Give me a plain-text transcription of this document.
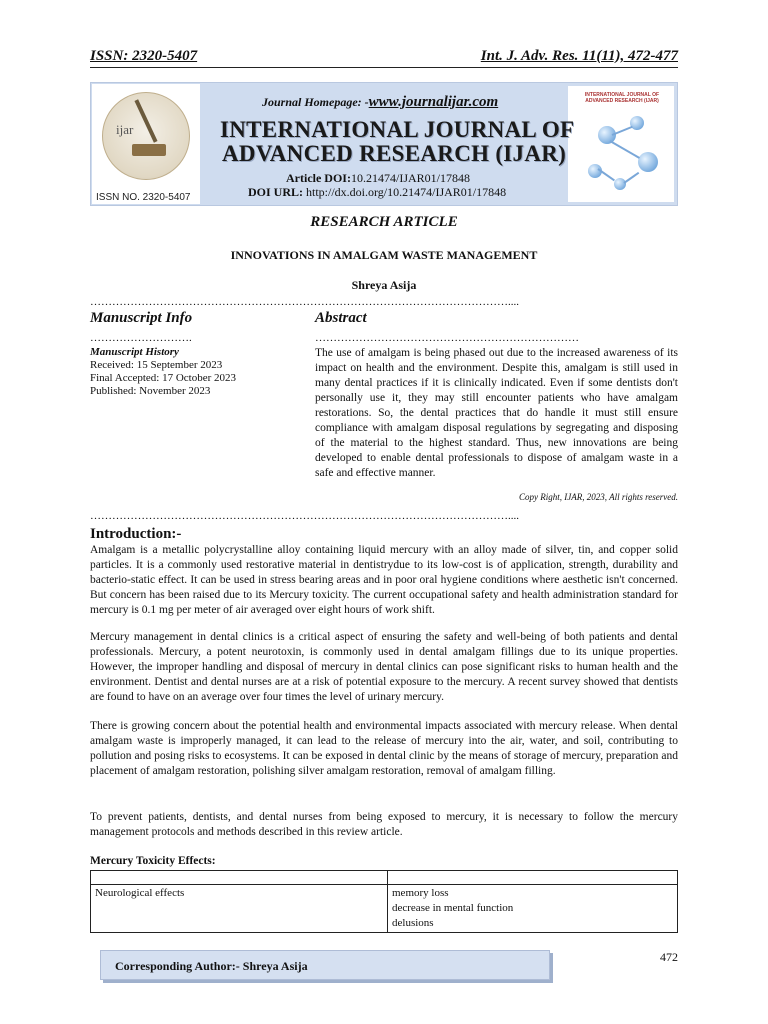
ISSN: 2320-5407	Int. J. Adv. Res. 11(11), 472-477
ijar
ISSN NO. 2320-5407
INTERNATIONAL JOURNAL OF ADVANCED RESEARCH (IJAR)
Journal Homepage: -www.journalijar.com
INTERNATIONAL JOURNAL OF
ADVANCED RESEARCH (IJAR)
Article DOI:10.21474/IJAR01/17848
DOI URL: http://dx.doi.org/10.21474/IJAR01/17848
RESEARCH ARTICLE
INNOVATIONS IN AMALGAM WASTE MANAGEMENT
Shreya Asija
……………………………………………………………………………………………………....
Manuscript Info	Abstract
……………………….	………………………………………………………………
Manuscript History
Received: 15 September 2023
Final Accepted: 17 October 2023
Published: November 2023
The use of amalgam is being phased out due to the increased awareness of its impact on health and the environment. Despite this, amalgam is still used in many dental practices if it is clinically indicated. Even if some dentists don't personally use it, they may still encounter patients who have amalgam restorations. So, the dental practices that do handle it must still ensure compliance with amalgam disposal regulations by segregating and disposing of the material to the highest standard. Thus, new innovations are being developed to enable dental professionals to dispose of amalgam waste in a safe and effective manner.
Copy Right, IJAR, 2023, All rights reserved.
……………………………………………………………………………………………………....
Introduction:-
Amalgam is a metallic polycrystalline alloy containing liquid mercury with an alloy made of silver, tin, and copper solid particles. It is a commonly used restorative material in dentistrydue to its low-cost is of application, strength, durability and bacterio-static effect. It can be used in stress bearing areas and in poor oral hygiene conditions where aesthetic isn't concerned. But concern has been raised due to its Mercury toxicity. The current occupational safety and health administration standard for mercury is 0.1 mg per meter of air averaged over eight hours of work shift.
Mercury management in dental clinics is a critical aspect of ensuring the safety and well-being of both patients and dental professionals. Mercury, a potent neurotoxin, is commonly used in dental amalgam fillings due to its unique properties. However, the improper handling and disposal of mercury in dental clinics can pose significant risks to human health and the environment. Dentist and dental nurses are at a risk of potential exposure to the mercury. A recent survey showed that dentists are found to have on an average over four times the level of urinary mercury.
There is growing concern about the potential health and environmental impacts associated with mercury release. When dental amalgam waste is improperly managed, it can lead to the release of mercury into the air, water, and soil, contributing to pollution and posing risks to ecosystems. It can be exposed in dental clinic by the means of storage of mercury, preparation and placement of amalgam restoration, polishing silver amalgam restoration, removal of amalgam filling.
To prevent patients, dentists, and dental nurses from being exposed to mercury, it is necessary to follow the mercury management protocols and methods described in this review article.
Mercury Toxicity Effects:

Neurological effects	memory loss
decrease in mental function
delusions
Corresponding Author:- Shreya Asija
472
